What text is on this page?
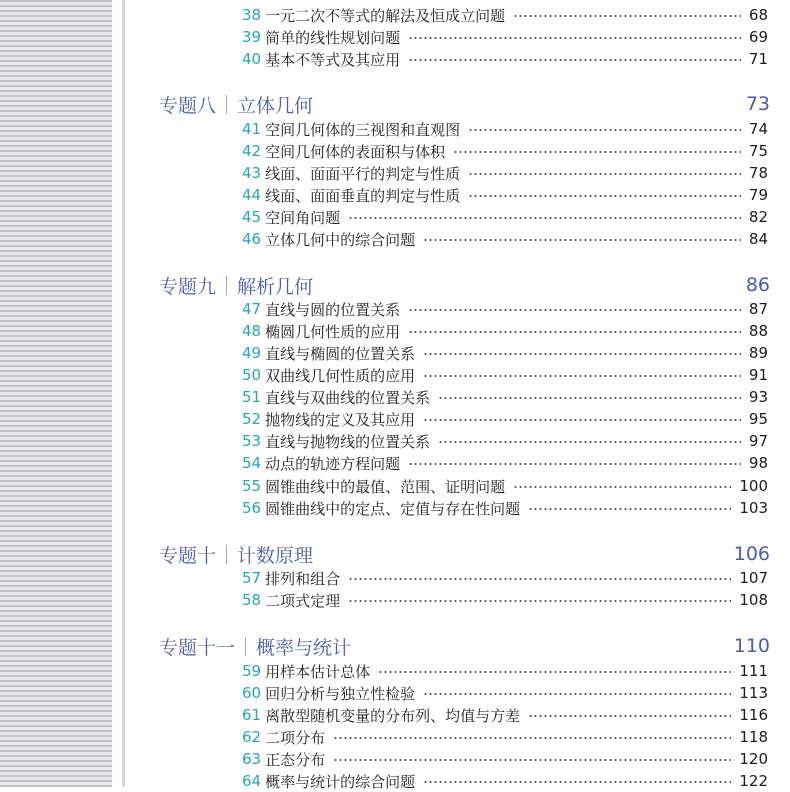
38 一元二次不等式的解法及恒成立问题	68
39 简单的线性规划问题	69
40 基本不等式及其应用	71
专题八 立体几何	73
41 空间几何体的三视图和直观图	74
42 空间几何体的表面积与体积	75
43 线面、面面平行的判定与性质	78
44 线面、面面垂直的判定与性质	79
45 空间角问题	82
46 立体几何中的综合问题	84
专题九 解析几何	86
47 直线与圆的位置关系	87
48 椭圆几何性质的应用	88
49 直线与椭圆的位置关系	89
50 双曲线几何性质的应用	91
51 直线与双曲线的位置关系	93
52 抛物线的定义及其应用	95
53 直线与抛物线的位置关系	97
54 动点的轨迹方程问题	98
55 圆锥曲线中的最值、范围、证明问题	100
56 圆锥曲线中的定点、定值与存在性问题	103
专题十 计数原理	106
57 排列和组合	107
58 二项式定理	108
专题十一 概率与统计	110
59 用样本估计总体	111
60 回归分析与独立性检验	113
61 离散型随机变量的分布列、均值与方差	116
62 二项分布	118
63 正态分布	120
64 概率与统计的综合问题	122
